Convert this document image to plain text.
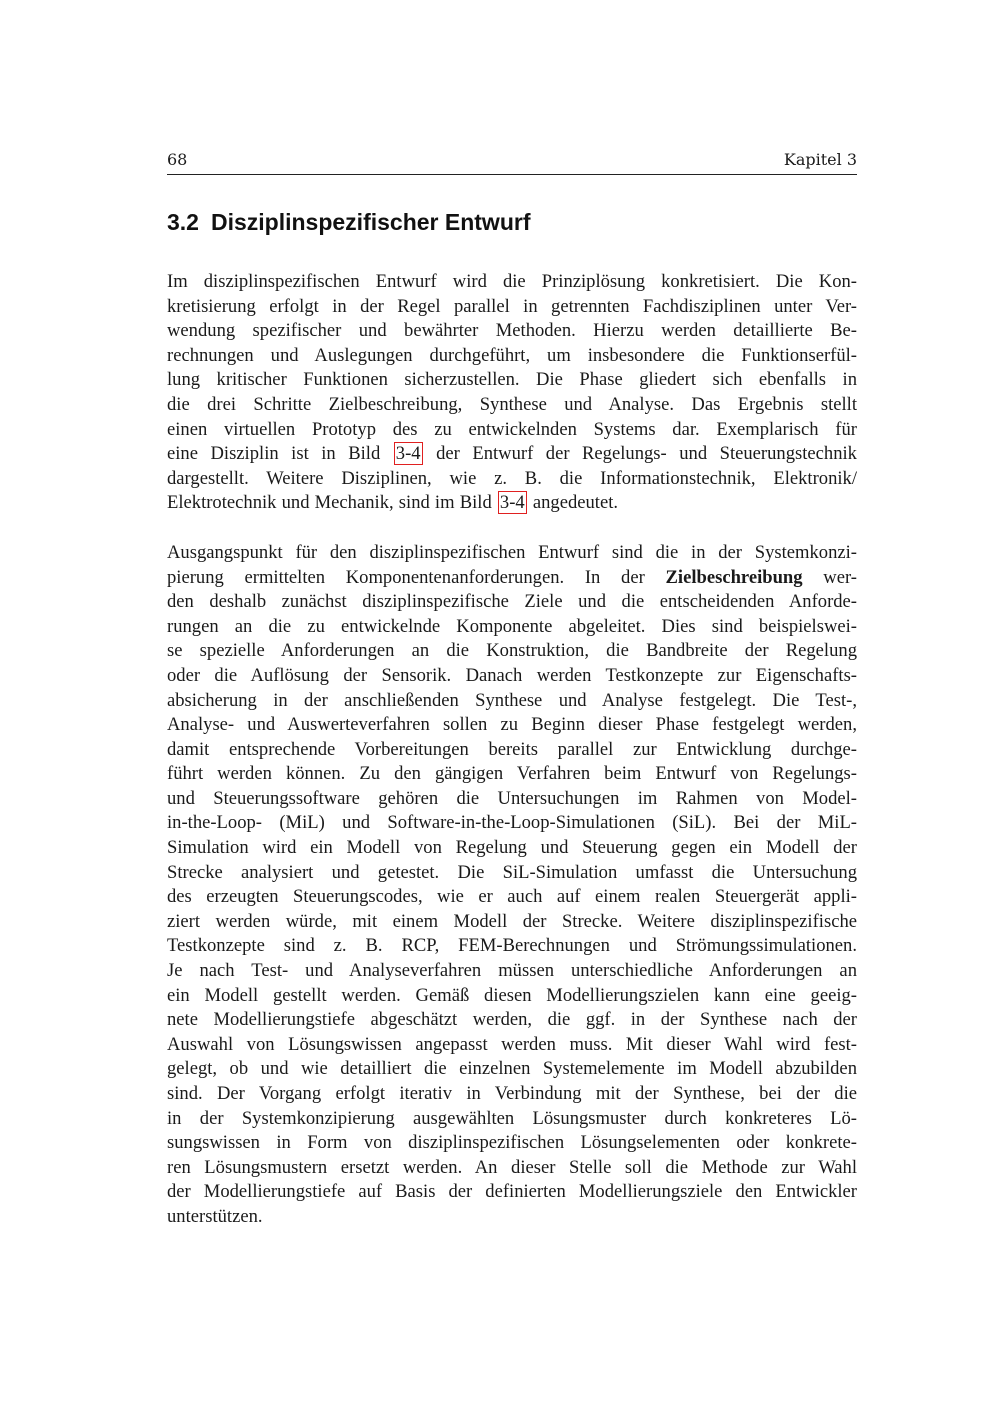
68	Kapitel 3
3.2 Disziplinspezifischer Entwurf

Im disziplinspezifischen Entwurf wird die Prinziplösung konkretisiert. Die Kon-
kretisierung erfolgt in der Regel parallel in getrennten Fachdisziplinen unter Ver-
wendung spezifischer und bewährter Methoden. Hierzu werden detaillierte Be-
rechnungen und Auslegungen durchgeführt, um insbesondere die Funktionserfül-
lung kritischer Funktionen sicherzustellen. Die Phase gliedert sich ebenfalls in
die drei Schritte Zielbeschreibung, Synthese und Analyse. Das Ergebnis stellt
einen virtuellen Prototyp des zu entwickelnden Systems dar. Exemplarisch für
eine Disziplin ist in Bild 3-4 der Entwurf der Regelungs- und Steuerungstechnik
dargestellt. Weitere Disziplinen, wie z. B. die Informationstechnik, Elektronik/
Elektrotechnik und Mechanik, sind im Bild 3-4 angedeutet.

Ausgangspunkt für den disziplinspezifischen Entwurf sind die in der Systemkonzi-
pierung ermittelten Komponentenanforderungen. In der Zielbeschreibung wer-
den deshalb zunächst disziplinspezifische Ziele und die entscheidenden Anforde-
rungen an die zu entwickelnde Komponente abgeleitet. Dies sind beispielswei-
se spezielle Anforderungen an die Konstruktion, die Bandbreite der Regelung
oder die Auflösung der Sensorik. Danach werden Testkonzepte zur Eigenschafts-
absicherung in der anschließenden Synthese und Analyse festgelegt. Die Test-,
Analyse- und Auswerteverfahren sollen zu Beginn dieser Phase festgelegt werden,
damit entsprechende Vorbereitungen bereits parallel zur Entwicklung durchge-
führt werden können. Zu den gängigen Verfahren beim Entwurf von Regelungs-
und Steuerungssoftware gehören die Untersuchungen im Rahmen von Model-
in-the-Loop- (MiL) und Software-in-the-Loop-Simulationen (SiL). Bei der MiL-
Simulation wird ein Modell von Regelung und Steuerung gegen ein Modell der
Strecke analysiert und getestet. Die SiL-Simulation umfasst die Untersuchung
des erzeugten Steuerungscodes, wie er auch auf einem realen Steuergerät appli-
ziert werden würde, mit einem Modell der Strecke. Weitere disziplinspezifische
Testkonzepte sind z. B. RCP, FEM-Berechnungen und Strömungssimulationen.
Je nach Test- und Analyseverfahren müssen unterschiedliche Anforderungen an
ein Modell gestellt werden. Gemäß diesen Modellierungszielen kann eine geeig-
nete Modellierungstiefe abgeschätzt werden, die ggf. in der Synthese nach der
Auswahl von Lösungswissen angepasst werden muss. Mit dieser Wahl wird fest-
gelegt, ob und wie detailliert die einzelnen Systemelemente im Modell abzubilden
sind. Der Vorgang erfolgt iterativ in Verbindung mit der Synthese, bei der die
in der Systemkonzipierung ausgewählten Lösungsmuster durch konkreteres Lö-
sungswissen in Form von disziplinspezifischen Lösungselementen oder konkrete-
ren Lösungsmustern ersetzt werden. An dieser Stelle soll die Methode zur Wahl
der Modellierungstiefe auf Basis der definierten Modellierungsziele den Entwickler
unterstützen.
